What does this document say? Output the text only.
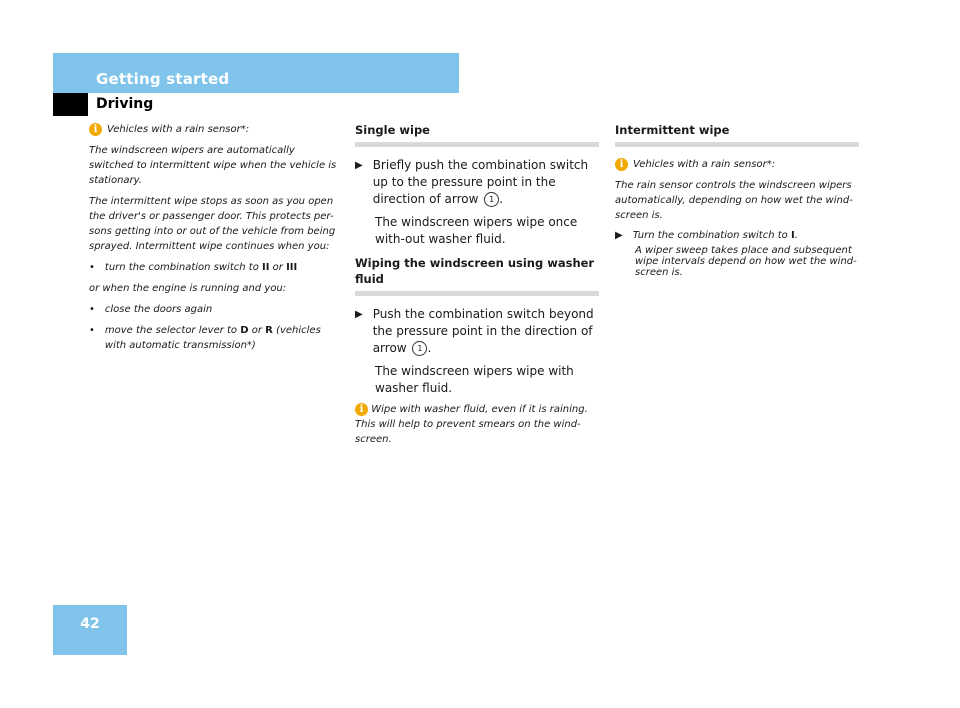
Getting started
Driving
i Vehicles with a rain sensor*:

The windscreen wipers are automatically switched to intermittent wipe when the vehicle is stationary.

The intermittent wipe stops as soon as you open the driver's or passenger door. This protects per-sons getting into or out of the vehicle from being sprayed. Intermittent wipe continues when you:

• turn the combination switch to II or III

or when the engine is running and you:

• close the doors again
• move the selector lever to D or R (vehicles with automatic transmission*)

Single wipe

▶ Briefly push the combination switch up to the pressure point in the direction of arrow 1 .

The windscreen wipers wipe once with-out washer fluid.

Wiping the windscreen using washer fluid

▶ Push the combination switch beyond the pressure point in the direction of arrow 1 .

The windscreen wipers wipe with washer fluid.

i Wipe with washer fluid, even if it is raining. This will help to prevent smears on the wind-screen.

Intermittent wipe

i Vehicles with a rain sensor*:

The rain sensor controls the windscreen wipers automatically, depending on how wet the wind-screen is.

▶ Turn the combination switch to I.

A wiper sweep takes place and subsequent wipe intervals depend on how wet the wind-screen is.

42
